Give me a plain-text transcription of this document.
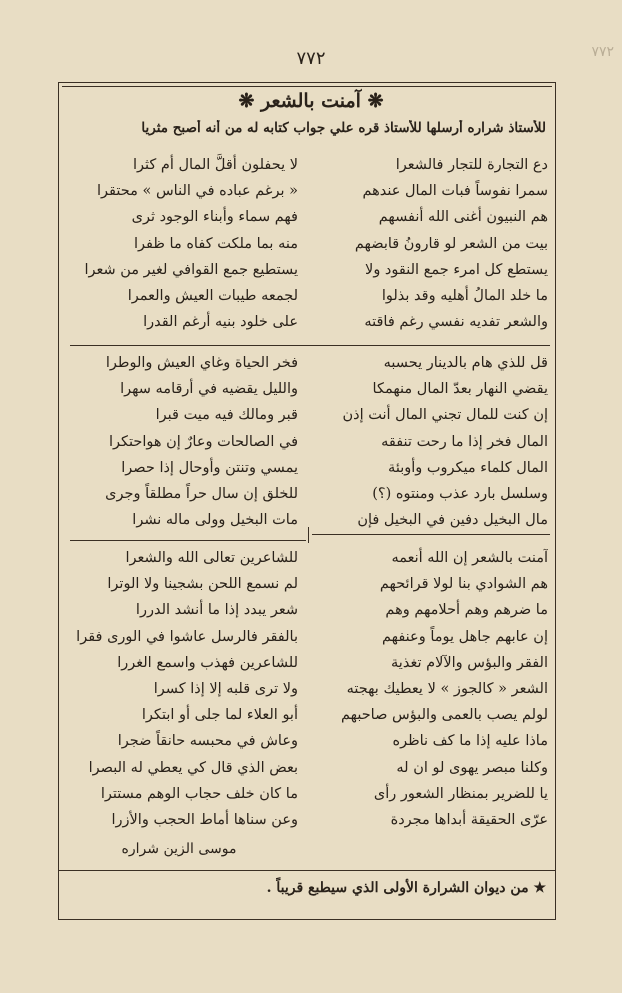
٧٧٢
٧٧٢
❋ آمنت بالشعر ❋
للأستاذ شراره أرسلها للأستاذ قره علي جواب كتابه له من أنه أصبح مثريا
دع التجارة للتجار فالشعرا
سمرا نفوساً فبات المال عندهم
هم النبيون أغنى الله أنفسهم
بيت من الشعر لو قارونُ قابضهم
يستطع كل امرء جمع النقود ولا
ما خلد المالُ أهليه وقد بذلوا
والشعر تفديه نفسي رغم فاقته
لا يحفلون أقلَّ المال أم كثرا
« برغم عباده في الناس » محتقرا
فهم سماء وأبناء الوجود ثرى
منه بما ملكت كفاه ما ظفرا
يستطيع جمع القوافي لغير من شعرا
لجمعه طيبات العيش والعمرا
على خلود بنيه أرغم القدرا
قل للذي هام بالدينار يحسبه
يقضي النهار بعدّ المال منهمكا
إن كنت للمال تجني المال أنت إذن
المال فخر إذا ما رحت تنفقه
المال كلماء ميكروب وأوبئة
وسلسل بارد عذب ومنتوه (؟)
مال البخيل دفين في البخيل فإن
فخر الحياة وغاي العيش والوطرا
والليل يقضيه في أرقامه سهرا
قبر ومالك فيه ميت قبرا
في الصالحات وعارٌ إن هواحتكرا
يمسي وتنتن وأوحال إذا حصرا
للخلق إن سال حراً مطلقاً وجرى
مات البخيل وولى ماله نشرا
آمنت بالشعر إن الله أنعمه
هم الشوادي بنا لولا قرائحهم
ما ضرهم وهم أحلامهم وهم
إن عابهم جاهل يوماً وعنفهم
الفقر والبؤس والآلام تغذية
الشعر « كالجوز » لا يعطيك بهجته
لولم يصب بالعمى والبؤس صاحبهم
ماذا عليه إذا ما كف ناظره
وكلنا مبصر يهوى لو ان له
يا للضرير بمنظار الشعور رأى
عرّى الحقيقة أبداها مجردة
للشاعرين تعالى الله والشعرا
لم نسمع اللحن بشجينا ولا الوترا
شعر يبدد إذا ما أنشد الدررا
بالفقر فالرسل عاشوا في الورى فقرا
للشاعرين فهذب واسمع الغررا
ولا ترى قلبه إلا إذا كسرا
أبو العلاء لما جلى أو ابتكرا
وعاش في محبسه حانقاً ضجرا
بعض الذي قال كي يعطي له البصرا
ما كان خلف حجاب الوهم مستترا
وعن سناها أماط الحجب والأزرا
موسى الزين شراره
★ من ديوان الشرارة الأولى الذي سيطبع قريباً .
